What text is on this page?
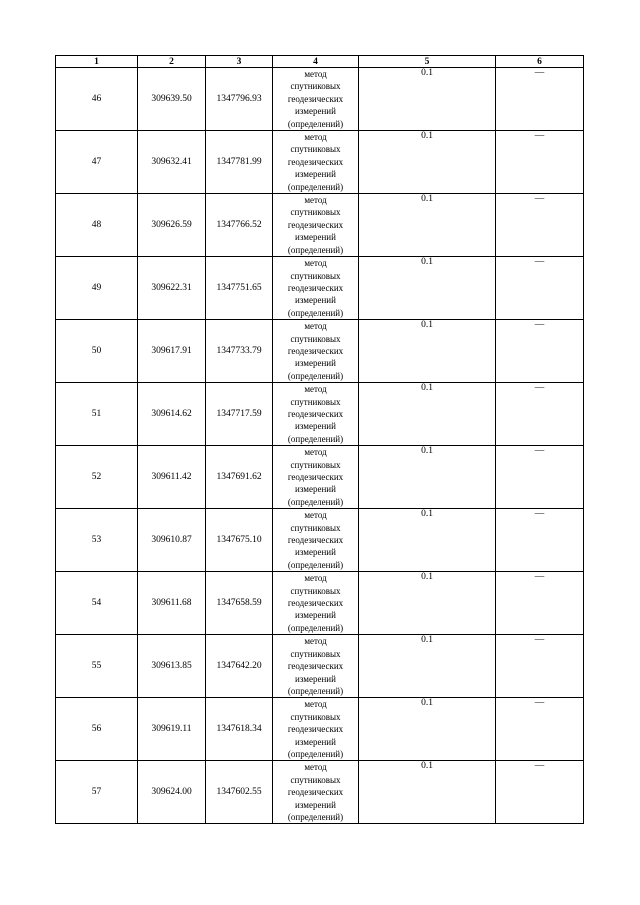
1	2	3	4	5	6
46	309639.50	1347796.93	метод
спутниковых
геодезических
измерений
(определений)	0.1	—
47	309632.41	1347781.99	метод
спутниковых
геодезических
измерений
(определений)	0.1	—
48	309626.59	1347766.52	метод
спутниковых
геодезических
измерений
(определений)	0.1	—
49	309622.31	1347751.65	метод
спутниковых
геодезических
измерений
(определений)	0.1	—
50	309617.91	1347733.79	метод
спутниковых
геодезических
измерений
(определений)	0.1	—
51	309614.62	1347717.59	метод
спутниковых
геодезических
измерений
(определений)	0.1	—
52	309611.42	1347691.62	метод
спутниковых
геодезических
измерений
(определений)	0.1	—
53	309610.87	1347675.10	метод
спутниковых
геодезических
измерений
(определений)	0.1	—
54	309611.68	1347658.59	метод
спутниковых
геодезических
измерений
(определений)	0.1	—
55	309613.85	1347642.20	метод
спутниковых
геодезических
измерений
(определений)	0.1	—
56	309619.11	1347618.34	метод
спутниковых
геодезических
измерений
(определений)	0.1	—
57	309624.00	1347602.55	метод
спутниковых
геодезических
измерений
(определений)	0.1	—
